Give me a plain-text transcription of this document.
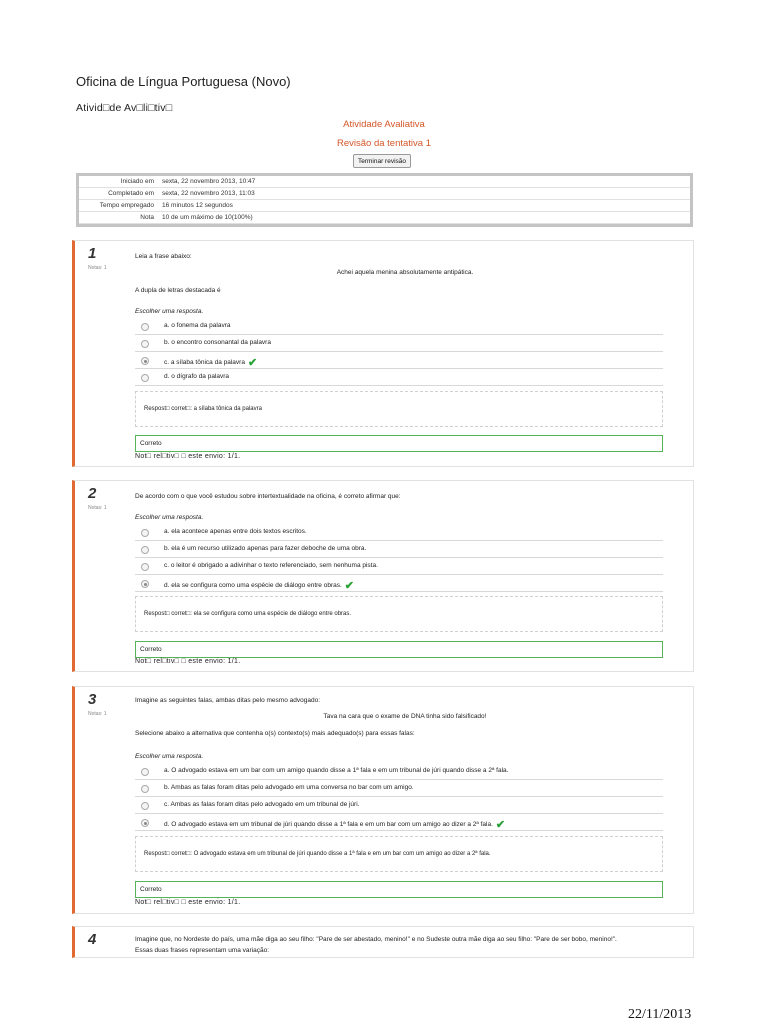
Oficina de Língua Portuguesa (Novo)
Ativid□de Av□li□tiv□
Atividade Avaliativa
Revisão da tentativa 1
Terminar revisão
Iniciado em	sexta, 22 novembro 2013, 10:47
Completado em	sexta, 22 novembro 2013, 11:03
Tempo empregado	16 minutos 12 segundos
Nota	10 de um máximo de 10(100%)
1
Notas: 1
Leia a frase abaixo:
Achei aquela menina absolutamente antipática.
A dupla de letras destacada é
Escolher uma resposta.
a. o fonema da palavra
b. o encontro consonantal da palavra
c. a sílaba tônica da palavra ✔
d. o dígrafo da palavra
Respost□ corret□: a sílaba tônica da palavra
Correto
Not□ rel□tiv□ □ este envio: 1/1.
2
Notas: 1
De acordo com o que você estudou sobre intertextualidade na oficina, é correto afirmar que:
Escolher uma resposta.
a. ela acontece apenas entre dois textos escritos.
b. ela é um recurso utilizado apenas para fazer deboche de uma obra.
c. o leitor é obrigado a adivinhar o texto referenciado, sem nenhuma pista.
d. ela se configura como uma espécie de diálogo entre obras. ✔
Respost□ corret□: ela se configura como uma espécie de diálogo entre obras.
Correto
Not□ rel□tiv□ □ este envio: 1/1.
3
Notas: 1
Imagine as seguintes falas, ambas ditas pelo mesmo advogado:
Tava na cara que o exame de DNA tinha sido falsificado!
Selecione abaixo a alternativa que contenha o(s) contexto(s) mais adequado(s) para essas falas:
Escolher uma resposta.
a. O advogado estava em um bar com um amigo quando disse a 1ª fala e em um tribunal de júri quando disse a 2ª fala.
b. Ambas as falas foram ditas pelo advogado em uma conversa no bar com um amigo.
c. Ambas as falas foram ditas pelo advogado em um tribunal de júri.
d. O advogado estava em um tribunal de júri quando disse a 1ª fala e em um bar com um amigo ao dizer a 2ª fala. ✔
Respost□ corret□: O advogado estava em um tribunal de júri quando disse a 1ª fala e em um bar com um amigo ao dizer a 2ª fala.
Correto
Not□ rel□tiv□ □ este envio: 1/1.
4	Imagine que, no Nordeste do país, uma mãe diga ao seu filho: "Pare de ser abestado, menino!" e no Sudeste outra mãe diga ao seu filho: "Pare de ser bobo, menino!".
Essas duas frases representam uma variação:
22/11/2013
